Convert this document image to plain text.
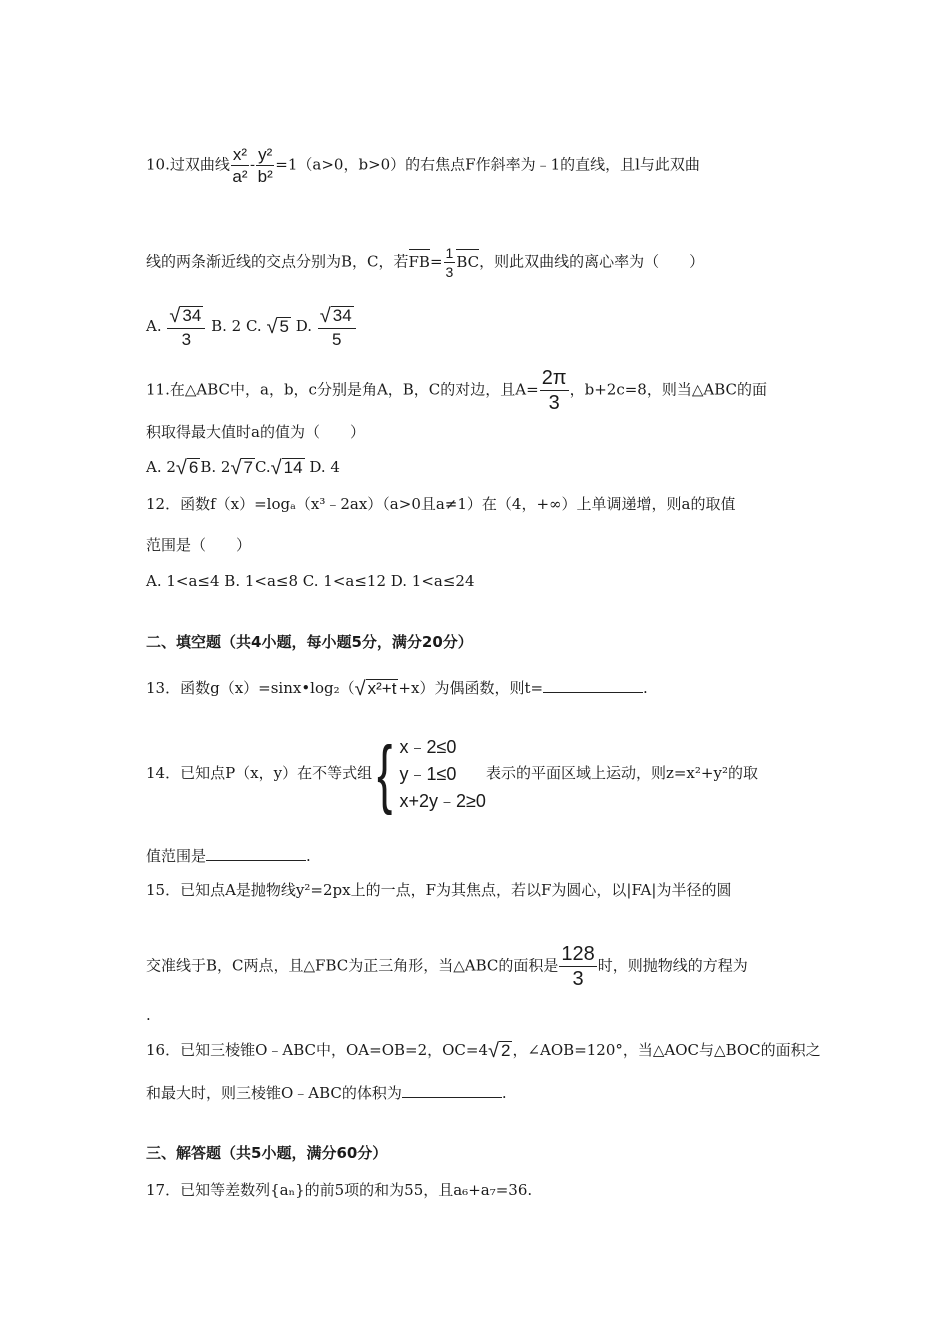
10.过双曲线 $\frac{\text{x²}}{\text{a²}} - \frac{\text{y²}}{\text{b²}} =1(a>0$，b>0）的右焦点F作斜率为﹣1的直线，且l与此双曲
线的两条渐近线的交点分别为B，C，若$FB= \frac{1}{3}$ BC，则此双曲线的离心率为（　　）
A. $\frac{√ 34}{3} B$. 2 C. √ 5 D. $\frac{√ 34}{5}$
11.在△ABC中，a，b，c分别是角A，B，C的对边，且$A= \frac{2\pi}{3}$ ，b+2c=8，则当△ABC的面
积取得最大值时a的值为（　　）
A. 2 √ 6 B. 2 √ 7 C. √ 14 D. 4
12．函数f（x）=logₐ（x³﹣2ax）（a>0且a≠1）在（4，+∞）上单调递增，则a的取值
范围是（　　）
A. 1<a≤4 B. 1<a≤8 C. 1<a≤12 D. 1<a≤24
二、填空题（共4小题，每小题5分，满分20分）
13．函数g（x）=sinx•log₂（ √ x²+t +x）为偶函数，则t=	.
14．已知点P（x，y）在不等式组 { x﹣2≤0
y﹣1≤0
x+2y﹣2≥0
表示的平面区域上运动，则z=x²+y²的取
值范围是	.
15．已知点A是抛物线y²=2px上的一点，F为其焦点，若以F为圆心，以|FA|为半径的圆
交准线于B，C两点，且△FBC为正三角形，当△ABC的面积是 $\frac{128}{3}$ 时，则抛物线的方程为
.
16．已知三棱锥O﹣ABC中，OA=OB=2，OC=4 √ 2 ，∠AOB=120°，当△AOC与△BOC的面积之
和最大时，则三棱锥O﹣ABC的体积为	.
三、解答题（共5小题，满分60分）
17．已知等差数列{aₙ}的前5项的和为55，且a₆+a₇=36.
